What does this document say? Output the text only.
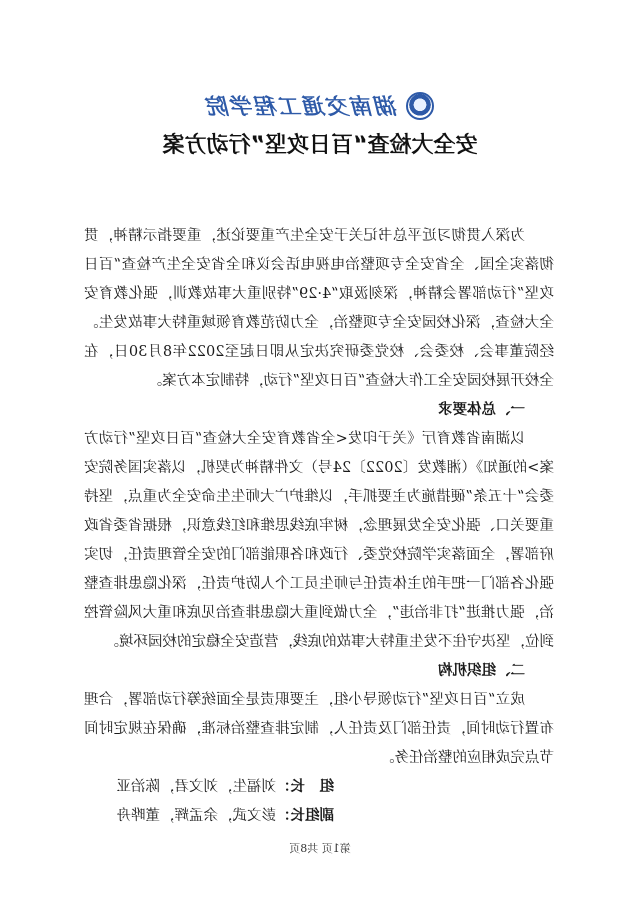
湖南交通工程学院
安全大检查“百日攻坚”行动方案

为深入贯彻习近平总书记关于安全生产重要论述，重要指示精神，贯彻落实全国、全省安全专项整治电视电话会议和全省安全生产检查“百日攻坚”行动部署会精神，深刻汲取“4·29”特别重大事故教训，强化教育安全大检查，深化校园安全专项整治，全力防范教育领域重特大事故发生。经院董事会、校委会、校党委研究决定从即日起至2022年8月30日，在全校开展校园安全工作大检查“百日攻坚”行动，特制定本方案。

一、总体要求

以湖南省教育厅《关于印发<全省教育安全大检查“百日攻坚”行动方案>的通知》（湘教发〔2022〕24号）文件精神为契机，以落实国务院安委会“十五条”硬措施为主要抓手，以维护广大师生生命安全为重点，坚持重要关口、强化安全发展理念，树牢底线思维和红线意识，根据省委省政府部署，全面落实学院校党委、行政和各职能部门的安全管理责任，切实强化各部门一把手的主体责任与师生员工个人防护责任，深化隐患排查整治，强力推进“打非治违”，全力做到重大隐患排查治见底和重大风险管控到位，坚决守住不发生重特大事故的底线，营造安全稳定的校园环境。

二、组织机构

成立“百日攻坚”行动领导小组，主要职责是全面统筹行动部署，合理布置行动时间，责任部门及责任人，制定排查整治标准，确保在规定时间节点完成相应的整治任务。

组　长：刘福生，刘文君，陈治亚
副组长：彭文武，余孟辉，董晔舟
第1页 共8页
